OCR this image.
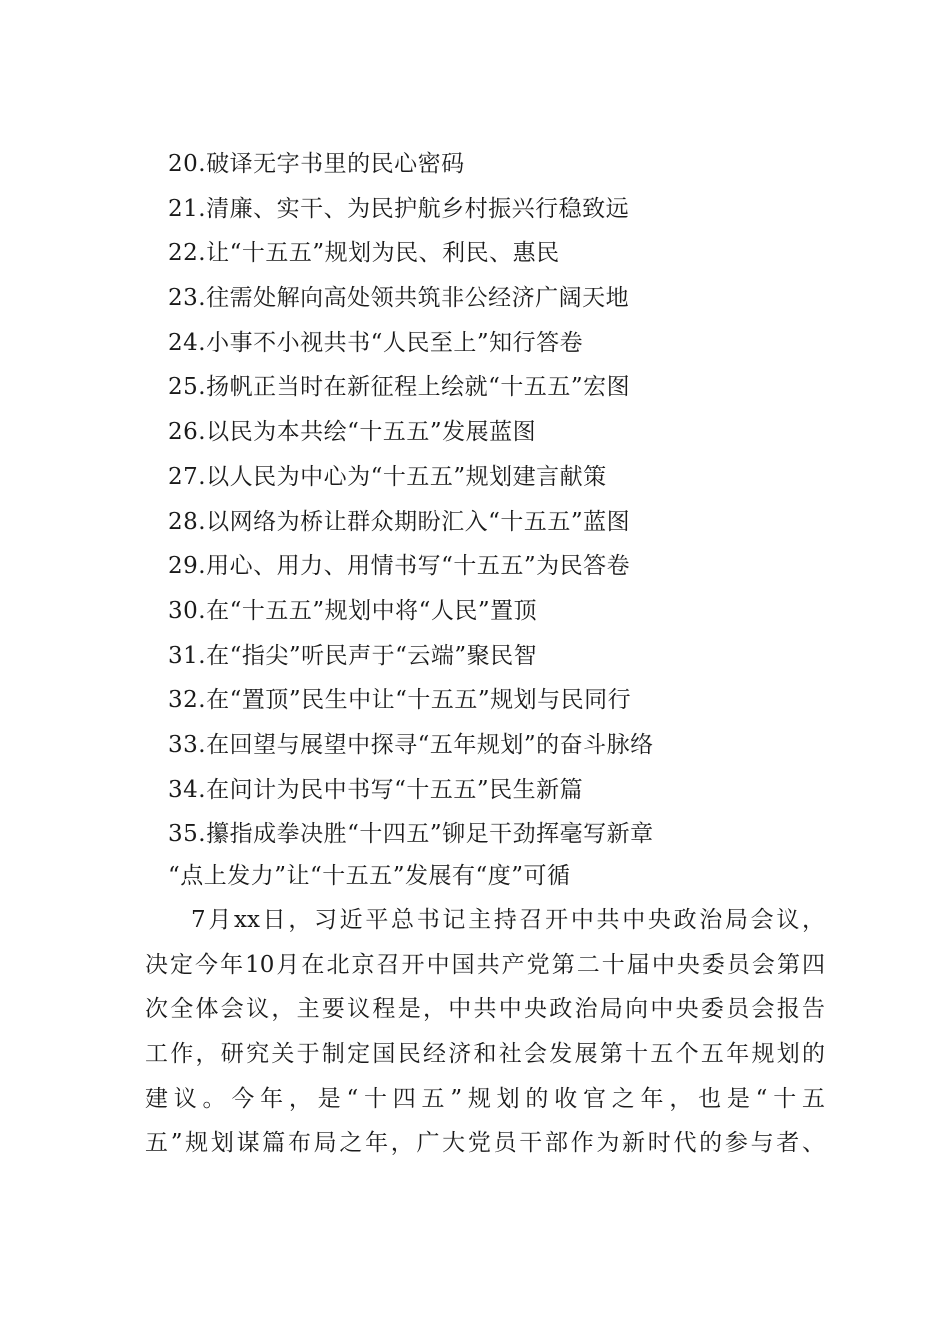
20.破译无字书里的民心密码
21.清廉、实干、为民护航乡村振兴行稳致远
22.让“十五五”规划为民、利民、惠民
23.往需处解向高处领共筑非公经济广阔天地
24.小事不小视共书“人民至上”知行答卷
25.扬帆正当时在新征程上绘就“十五五”宏图
26.以民为本共绘“十五五”发展蓝图
27.以人民为中心为“十五五”规划建言献策
28.以网络为桥让群众期盼汇入“十五五”蓝图
29.用心、用力、用情书写“十五五”为民答卷
30.在“十五五”规划中将“人民”置顶
31.在“指尖”听民声于“云端”聚民智
32.在“置顶”民生中让“十五五”规划与民同行
33.在回望与展望中探寻“五年规划”的奋斗脉络
34.在问计为民中书写“十五五”民生新篇
35.攥指成拳决胜“十四五”铆足干劲挥毫写新章
“点上发力”让“十五五”发展有“度”可循
7月xx日，习近平总书记主持召开中共中央政治局会议，
决定今年10月在北京召开中国共产党第二十届中央委员会第四
次全体会议，主要议程是，中共中央政治局向中央委员会报告
工作，研究关于制定国民经济和社会发展第十五个五年规划的
建议。今年，是“十四五”规划的收官之年，也是“十五
五”规划谋篇布局之年，广大党员干部作为新时代的参与者、
